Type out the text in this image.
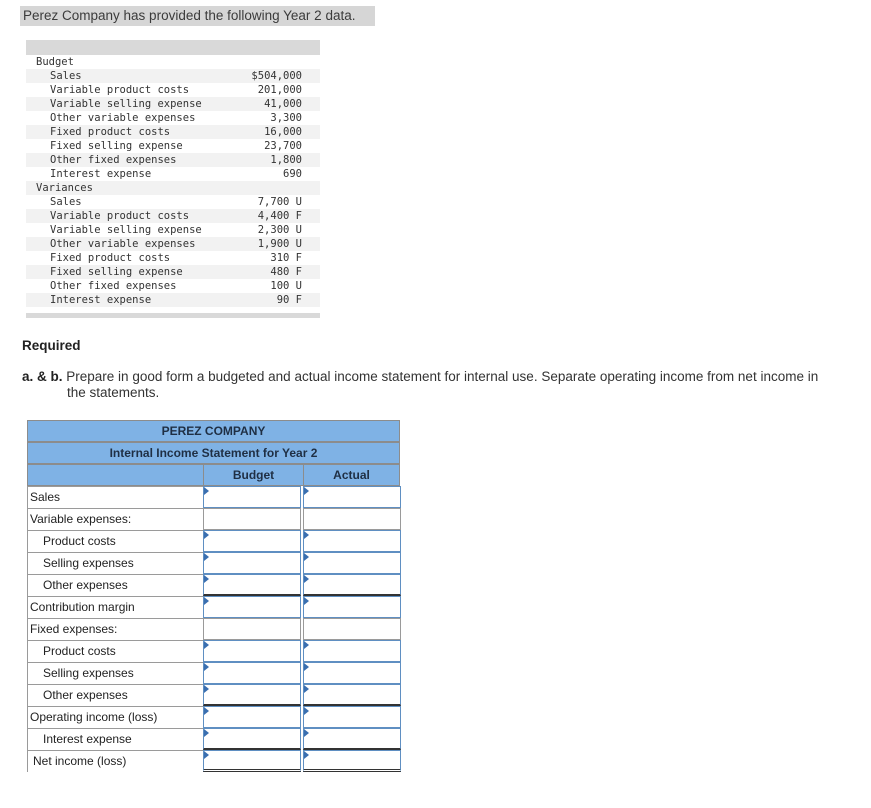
Perez Company has provided the following Year 2 data.
Budget
Sales	$504,000
Variable product costs	201,000
Variable selling expense	41,000
Other variable expenses	3,300
Fixed product costs	16,000
Fixed selling expense	23,700
Other fixed expenses	1,800
Interest expense	690
Variances
Sales	7,700 U
Variable product costs	4,400 F
Variable selling expense	2,300 U
Other variable expenses	1,900 U
Fixed product costs	310 F
Fixed selling expense	480 F
Other fixed expenses	100 U
Interest expense	90 F
Required
a. & b. Prepare in good form a budgeted and actual income statement for internal use. Separate operating income from net income in
the statements.
PEREZ COMPANY
Internal Income Statement for Year 2
Budget	Actual
Sales
Variable expenses:
Product costs
Selling expenses
Other expenses
Contribution margin
Fixed expenses:
Product costs
Selling expenses
Other expenses
Operating income (loss)
Interest expense
Net income (loss)
